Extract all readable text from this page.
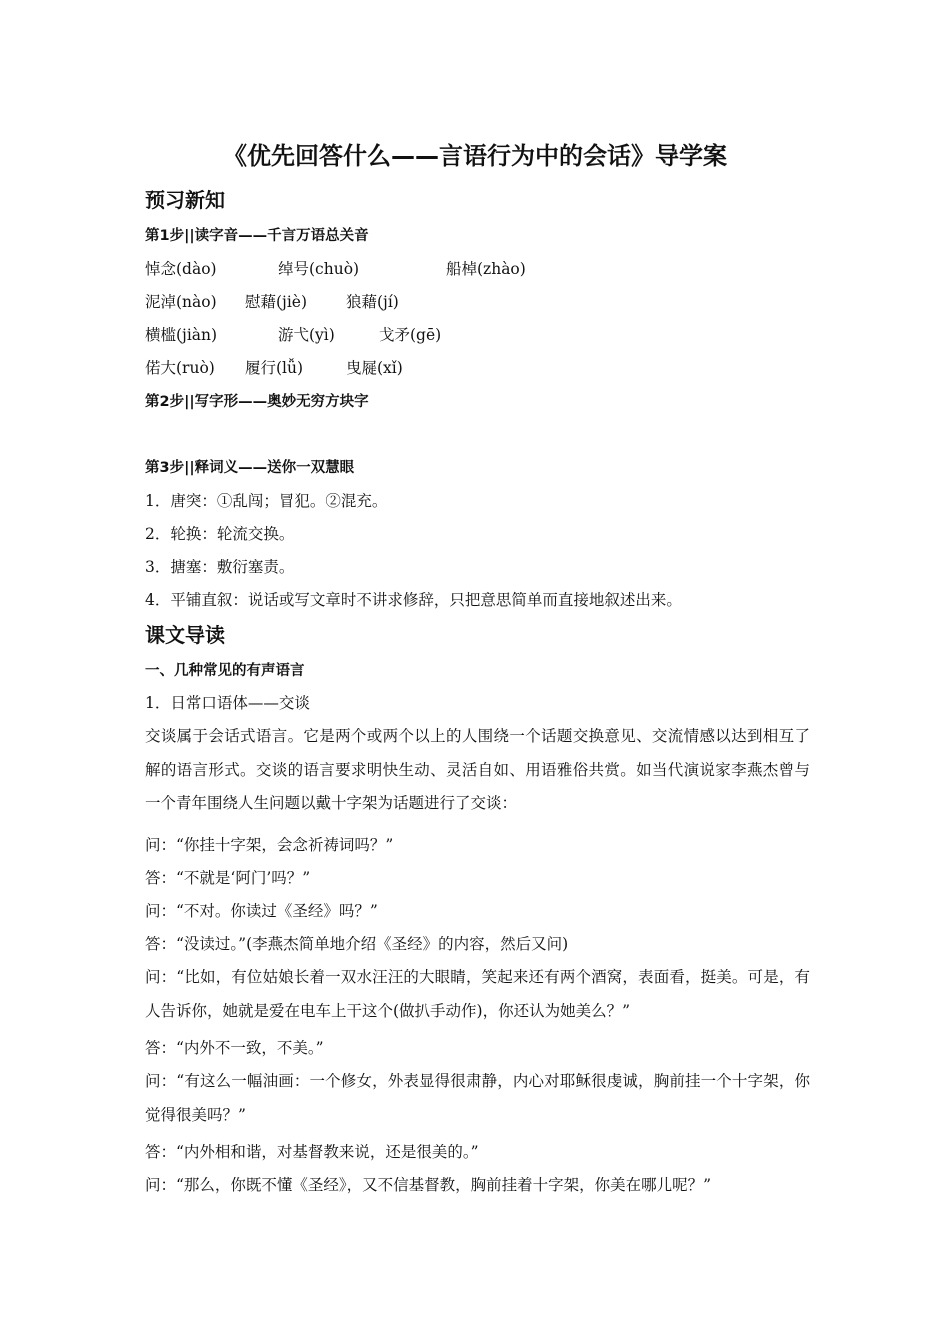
《优先回答什么——言语行为中的会话》导学案
预习新知
第1步||读字音——千言万语总关音
悼念(dào)	绰号(chuò)	船棹(zhào)
泥淖(nào) 慰藉(jiè)	狼藉(jí)
横槛(jiàn)	游弋(yì)	戈矛(gē)
偌大(ruò) 履行(lǚ)	曳屣(xǐ)
第2步||写字形——奥妙无穷方块字
第3步||释词义——送你一双慧眼
1．唐突：①乱闯；冒犯。②混充。
2．轮换：轮流交换。
3．搪塞：敷衍塞责。
4．平铺直叙：说话或写文章时不讲求修辞，只把意思简单而直接地叙述出来。
课文导读
一、几种常见的有声语言
1．日常口语体——交谈
交谈属于会话式语言。它是两个或两个以上的人围绕一个话题交换意见、交流情感以达到相互了解的语言形式。交谈的语言要求明快生动、灵活自如、用语雅俗共赏。如当代演说家李燕杰曾与一个青年围绕人生问题以戴十字架为话题进行了交谈：
问：“你挂十字架，会念祈祷词吗？”
答：“不就是‘阿门’吗？”
问：“不对。你读过《圣经》吗？”
答：“没读过。”(李燕杰简单地介绍《圣经》的内容，然后又问)
问：“比如，有位姑娘长着一双水汪汪的大眼睛，笑起来还有两个酒窝，表面看，挺美。可是，有人告诉你，她就是爱在电车上干这个(做扒手动作)，你还认为她美么？”
答：“内外不一致，不美。”
问：“有这么一幅油画：一个修女，外表显得很肃静，内心对耶稣很虔诚，胸前挂一个十字架，你觉得很美吗？”
答：“内外相和谐，对基督教来说，还是很美的。”
问：“那么，你既不懂《圣经》，又不信基督教，胸前挂着十字架，你美在哪儿呢？”
